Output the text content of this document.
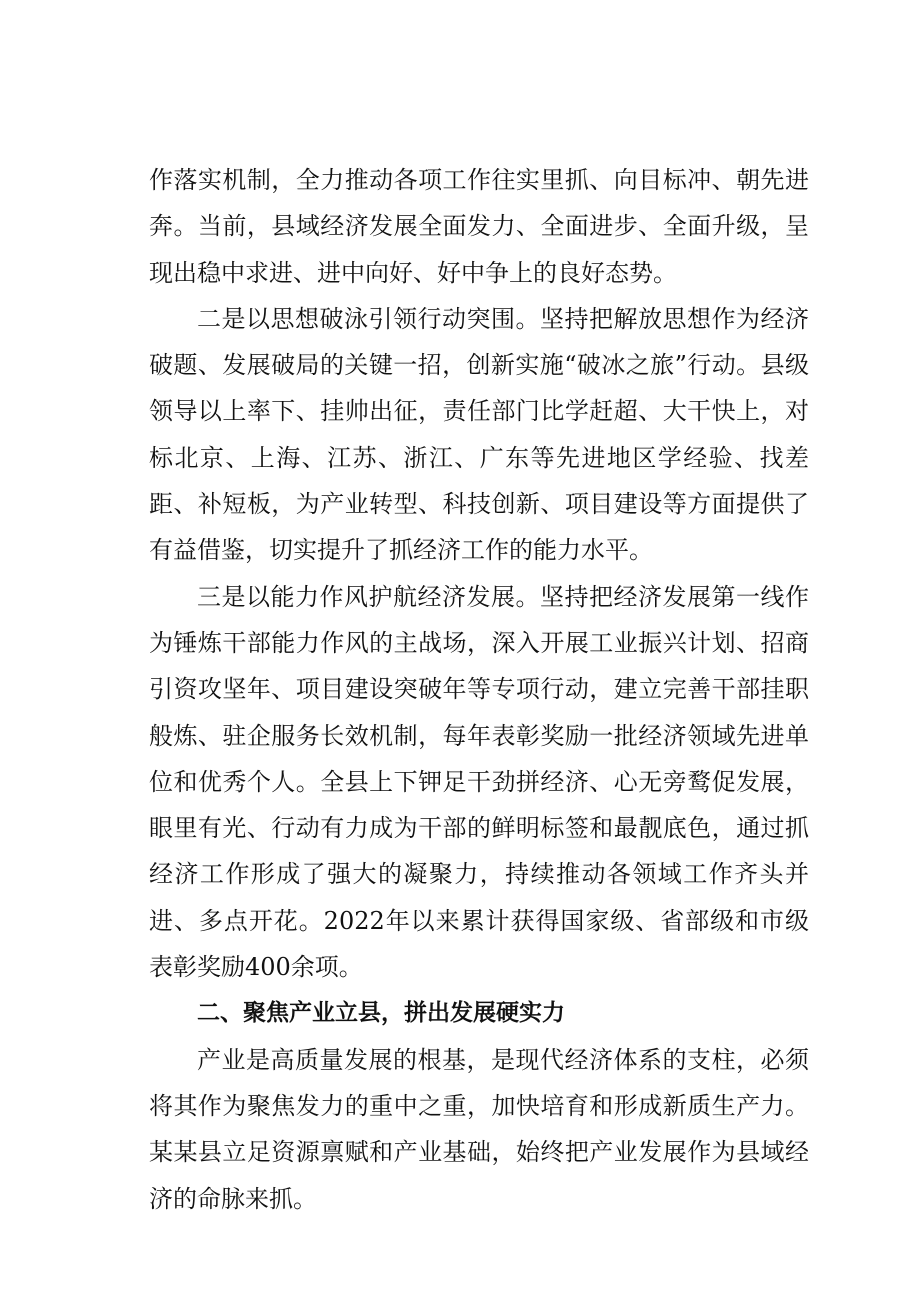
作落实机制，全力推动各项工作往实里抓、向目标冲、朝先进奔。当前，县域经济发展全面发力、全面进步、全面升级，呈现出稳中求进、进中向好、好中争上的良好态势。

二是以思想破泳引领行动突围。坚持把解放思想作为经济破题、发展破局的关键一招，创新实施“破冰之旅”行动。县级领导以上率下、挂帅出征，责任部门比学赶超、大干快上，对标北京、上海、江苏、浙江、广东等先进地区学经验、找差距、补短板，为产业转型、科技创新、项目建设等方面提供了有益借鉴，切实提升了抓经济工作的能力水平。

三是以能力作风护航经济发展。坚持把经济发展第一线作为锤炼干部能力作风的主战场，深入开展工业振兴计划、招商引资攻坚年、项目建设突破年等专项行动，建立完善干部挂职般炼、驻企服务长效机制，每年表彰奖励一批经济领域先进单位和优秀个人。全县上下钾足干劲拼经济、心无旁鹜促发展，眼里有光、行动有力成为干部的鲜明标签和最靓底色，通过抓经济工作形成了强大的凝聚力，持续推动各领域工作齐头并进、多点开花。2022年以来累计获得国家级、省部级和市级表彰奖励400余项。

二、聚焦产业立县，拼出发展硬实力

产业是高质量发展的根基，是现代经济体系的支柱，必须将其作为聚焦发力的重中之重，加快培育和形成新质生产力。某某县立足资源禀赋和产业基础，始终把产业发展作为县域经济的命脉来抓。
